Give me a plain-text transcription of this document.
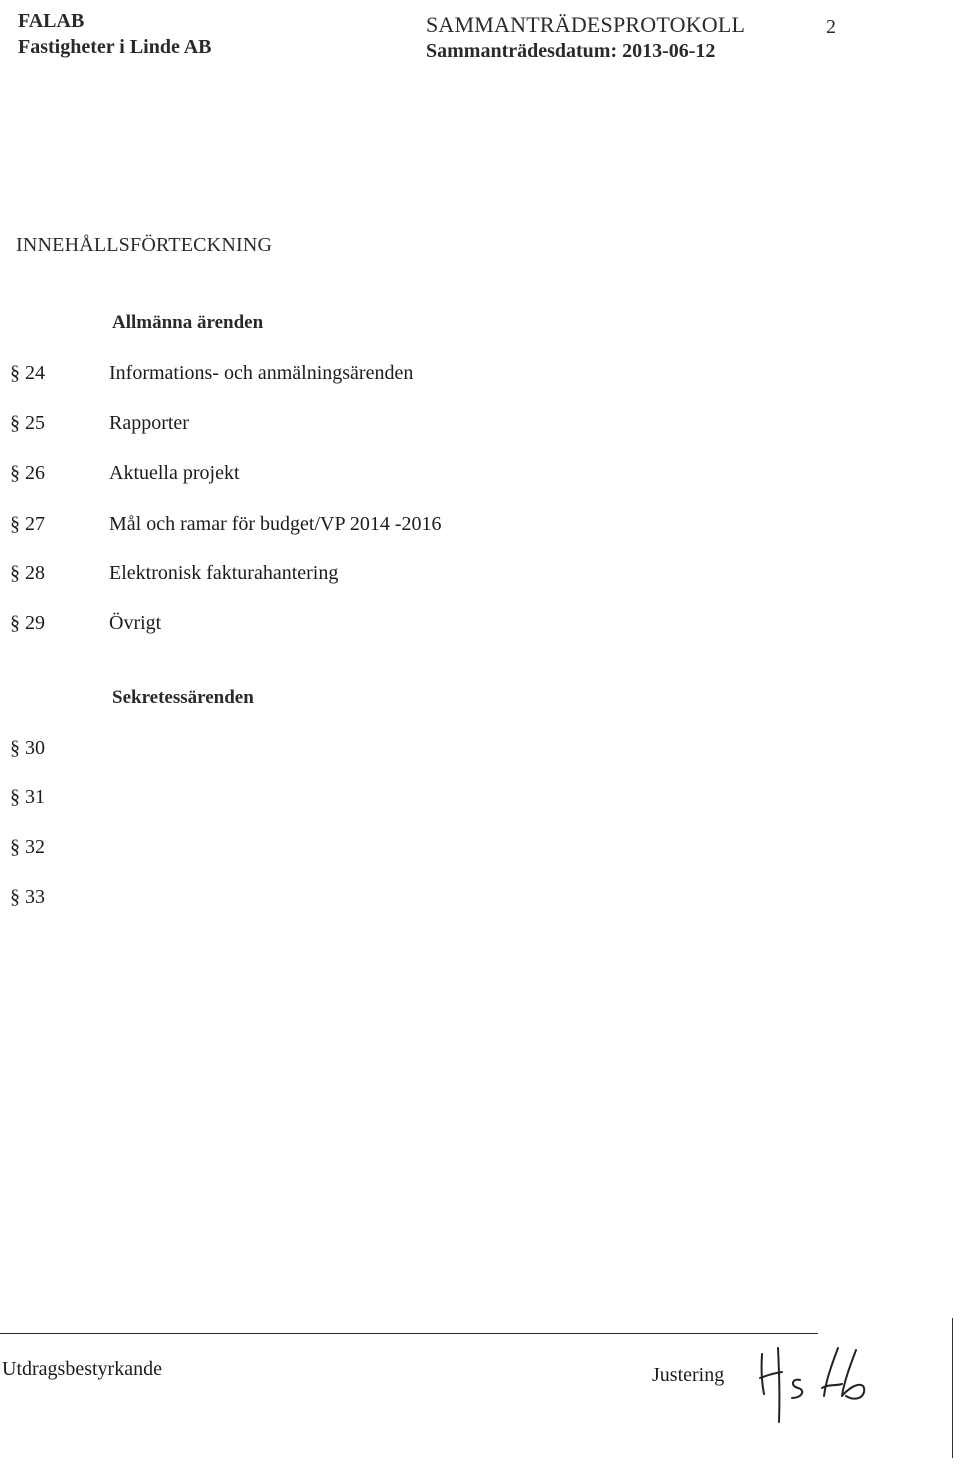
FALAB
Fastigheter i Linde AB
SAMMANTRÄDESPROTOKOLL
Sammanträdesdatum: 2013-06-12
2
INNEHÅLLSFÖRTECKNING
Allmänna ärenden
§ 24	Informations- och anmälningsärenden
§ 25	Rapporter
§ 26	Aktuella projekt
§ 27	Mål och ramar för budget/VP 2014 -2016
§ 28	Elektronisk fakturahantering
§ 29	Övrigt
Sekretessärenden
§ 30
§ 31
§ 32
§ 33
Utdragsbestyrkande	Justering
